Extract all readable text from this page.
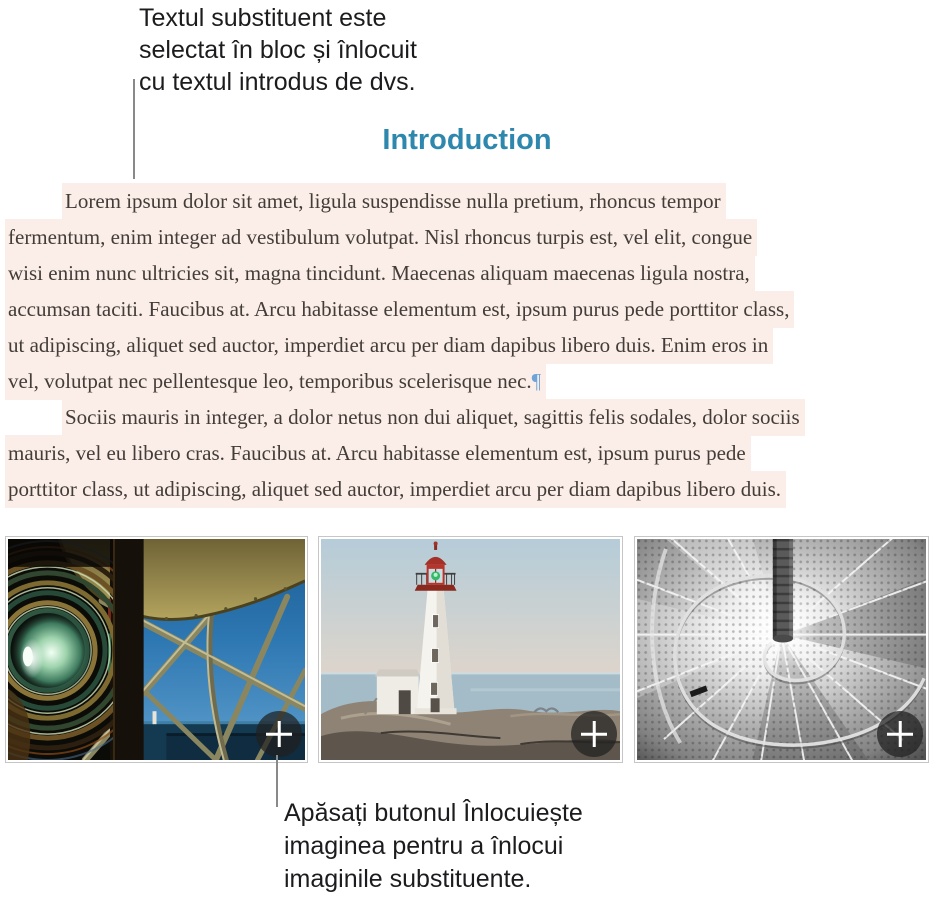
Textul substituent este
selectat în bloc și înlocuit
cu textul introdus de dvs.
Introduction
Lorem ipsum dolor sit amet, ligula suspendisse nulla pretium, rhoncus tempor
fermentum, enim integer ad vestibulum volutpat. Nisl rhoncus turpis est, vel elit, congue
wisi enim nunc ultricies sit, magna tincidunt. Maecenas aliquam maecenas ligula nostra,
accumsan taciti. Faucibus at. Arcu habitasse elementum est, ipsum purus pede porttitor class,
ut adipiscing, aliquet sed auctor, imperdiet arcu per diam dapibus libero duis. Enim eros in
vel, volutpat nec pellentesque leo, temporibus scelerisque nec.¶
Sociis mauris in integer, a dolor netus non dui aliquet, sagittis felis sodales, dolor sociis
mauris, vel eu libero cras. Faucibus at. Arcu habitasse elementum est, ipsum purus pede
porttitor class, ut adipiscing, aliquet sed auctor, imperdiet arcu per diam dapibus libero duis.
Apăsați butonul Înlocuiește
imaginea pentru a înlocui
imaginile substituente.
